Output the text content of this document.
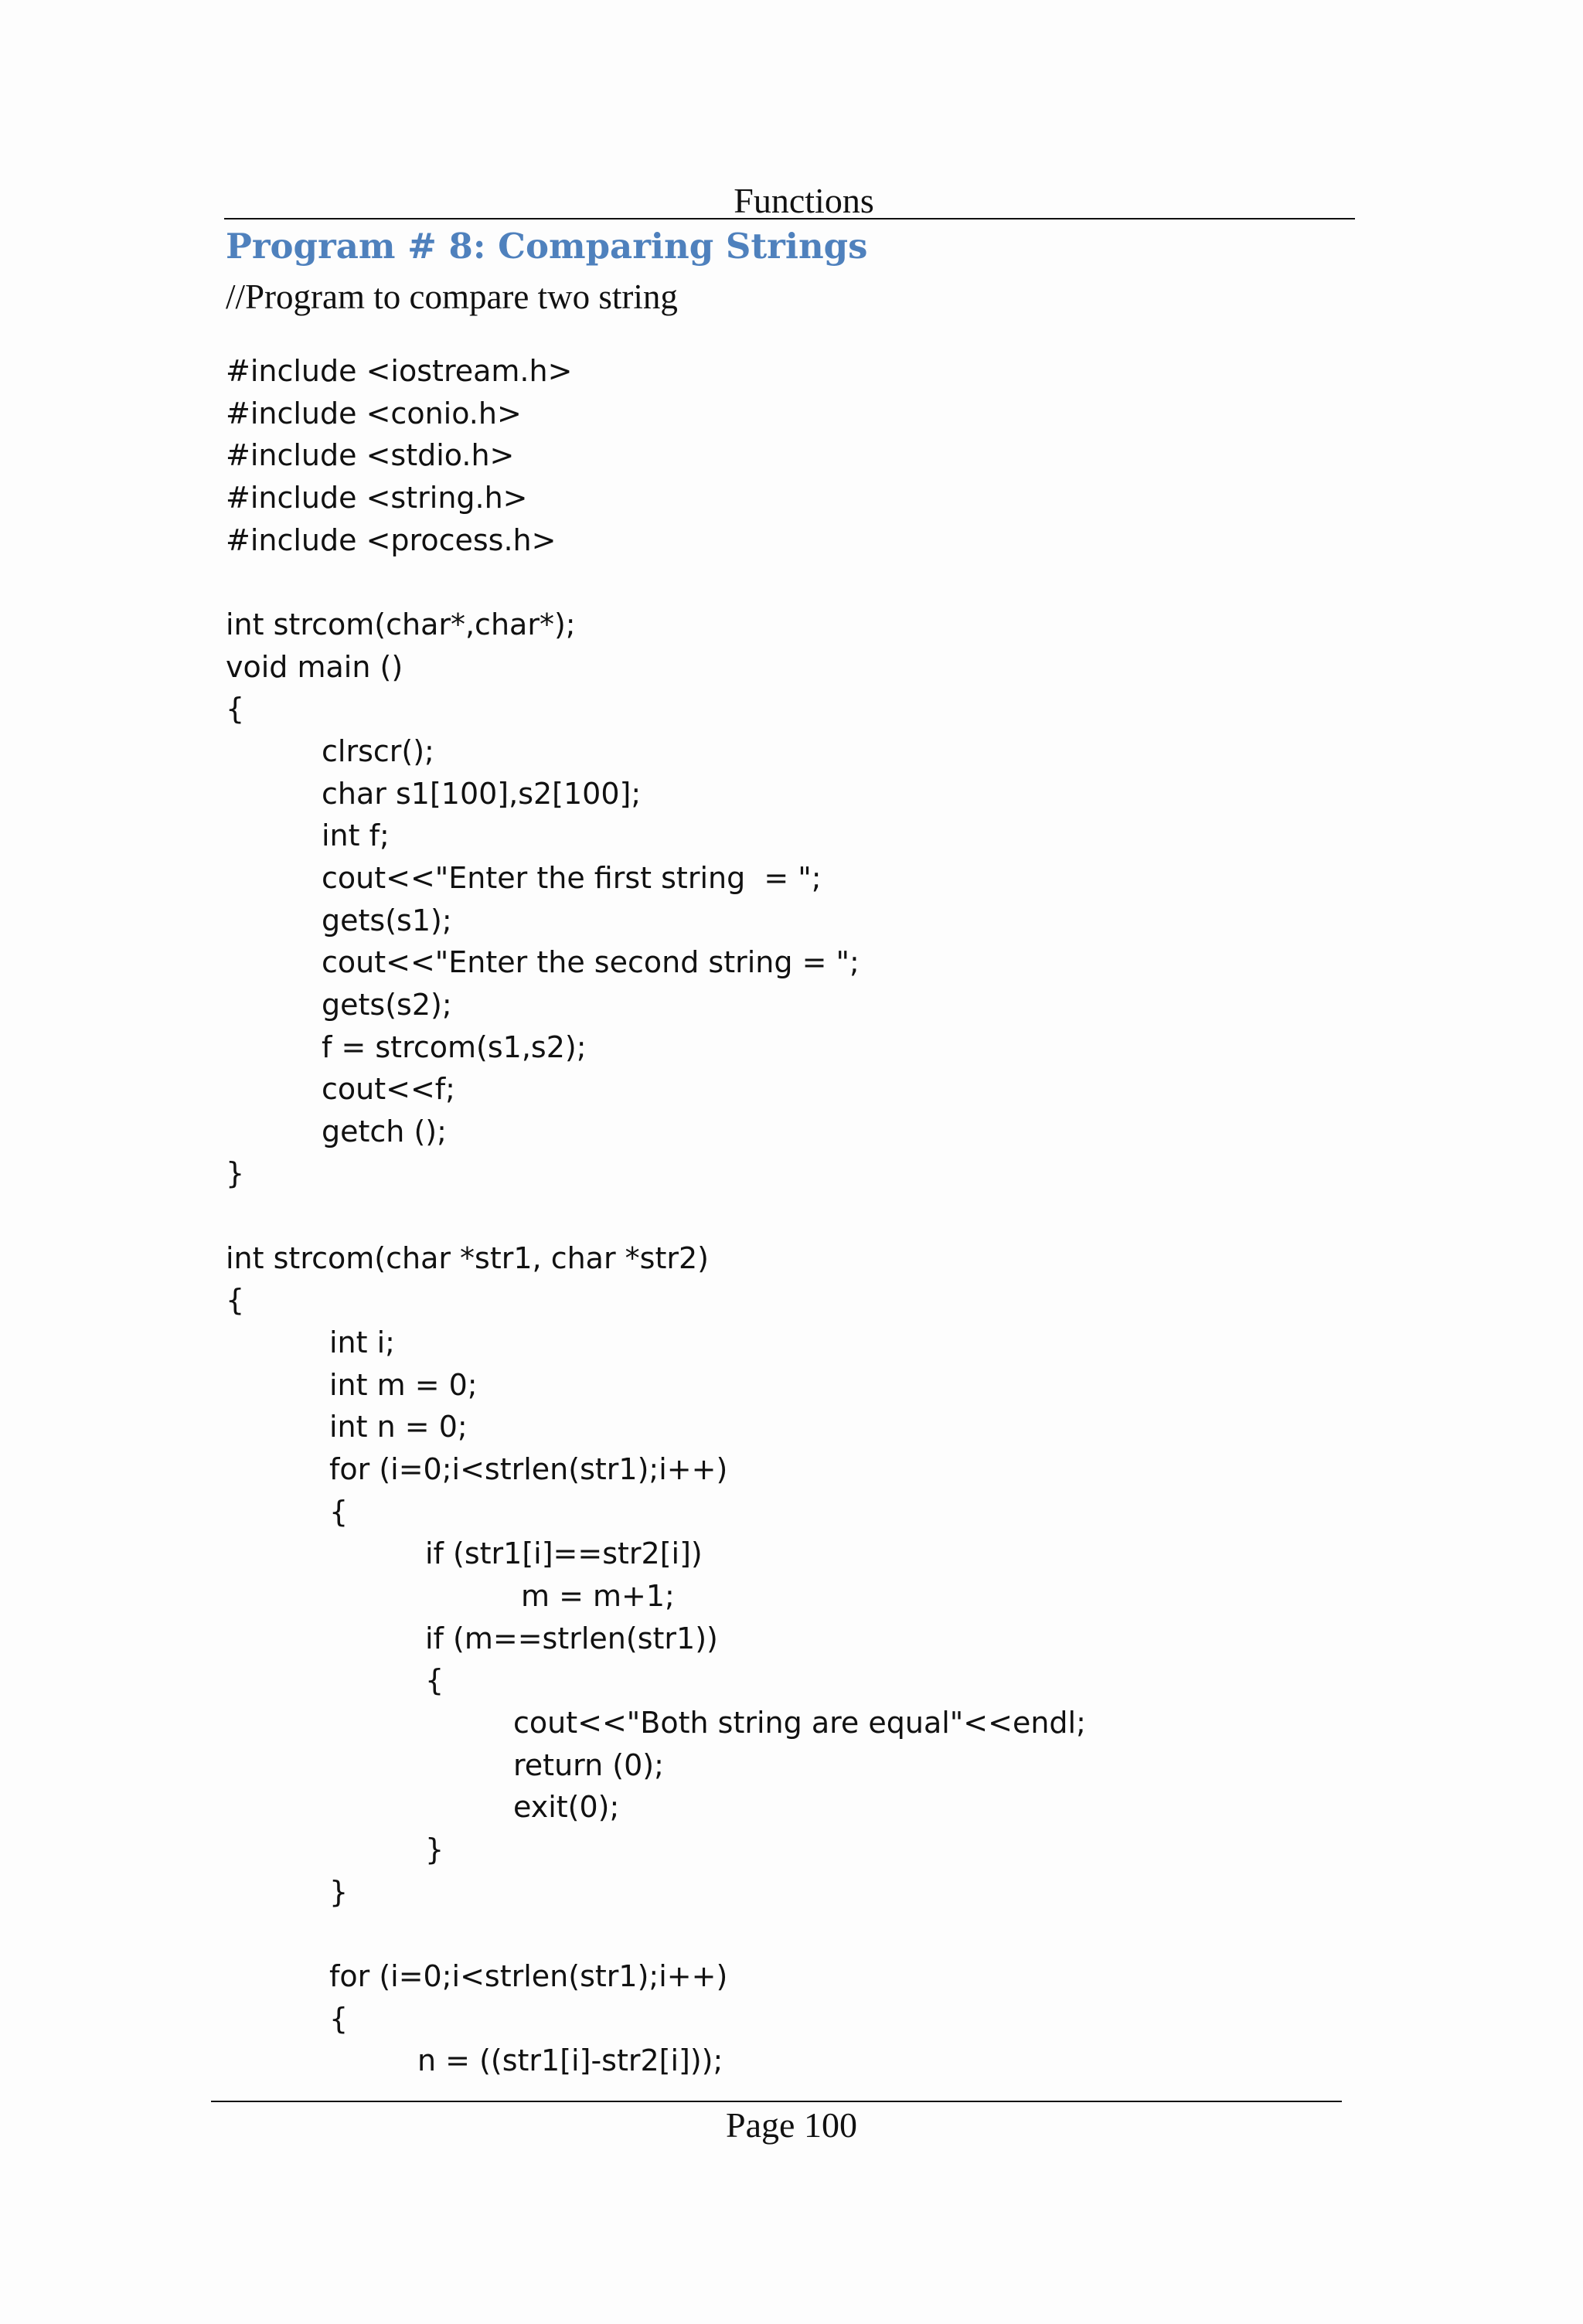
Functions
Program # 8: Comparing Strings
//Program to compare two string
#include <iostream.h>
#include <conio.h>
#include <stdio.h>
#include <string.h>
#include <process.h>
int strcom(char*,char*);
void main ()
{
clrscr();
char s1[100],s2[100];
int f;
cout<<"Enter the first string  = ";
gets(s1);
cout<<"Enter the second string = ";
gets(s2);
f = strcom(s1,s2);
cout<<f;
getch ();
}
int strcom(char *str1, char *str2)
{
int i;
int m = 0;
int n = 0;
for (i=0;i<strlen(str1);i++)
{
if (str1[i]==str2[i])
m = m+1;
if (m==strlen(str1))
{
cout<<"Both string are equal"<<endl;
return (0);
exit(0);
}
}
for (i=0;i<strlen(str1);i++)
{
n = ((str1[i]-str2[i]));
Page 100
